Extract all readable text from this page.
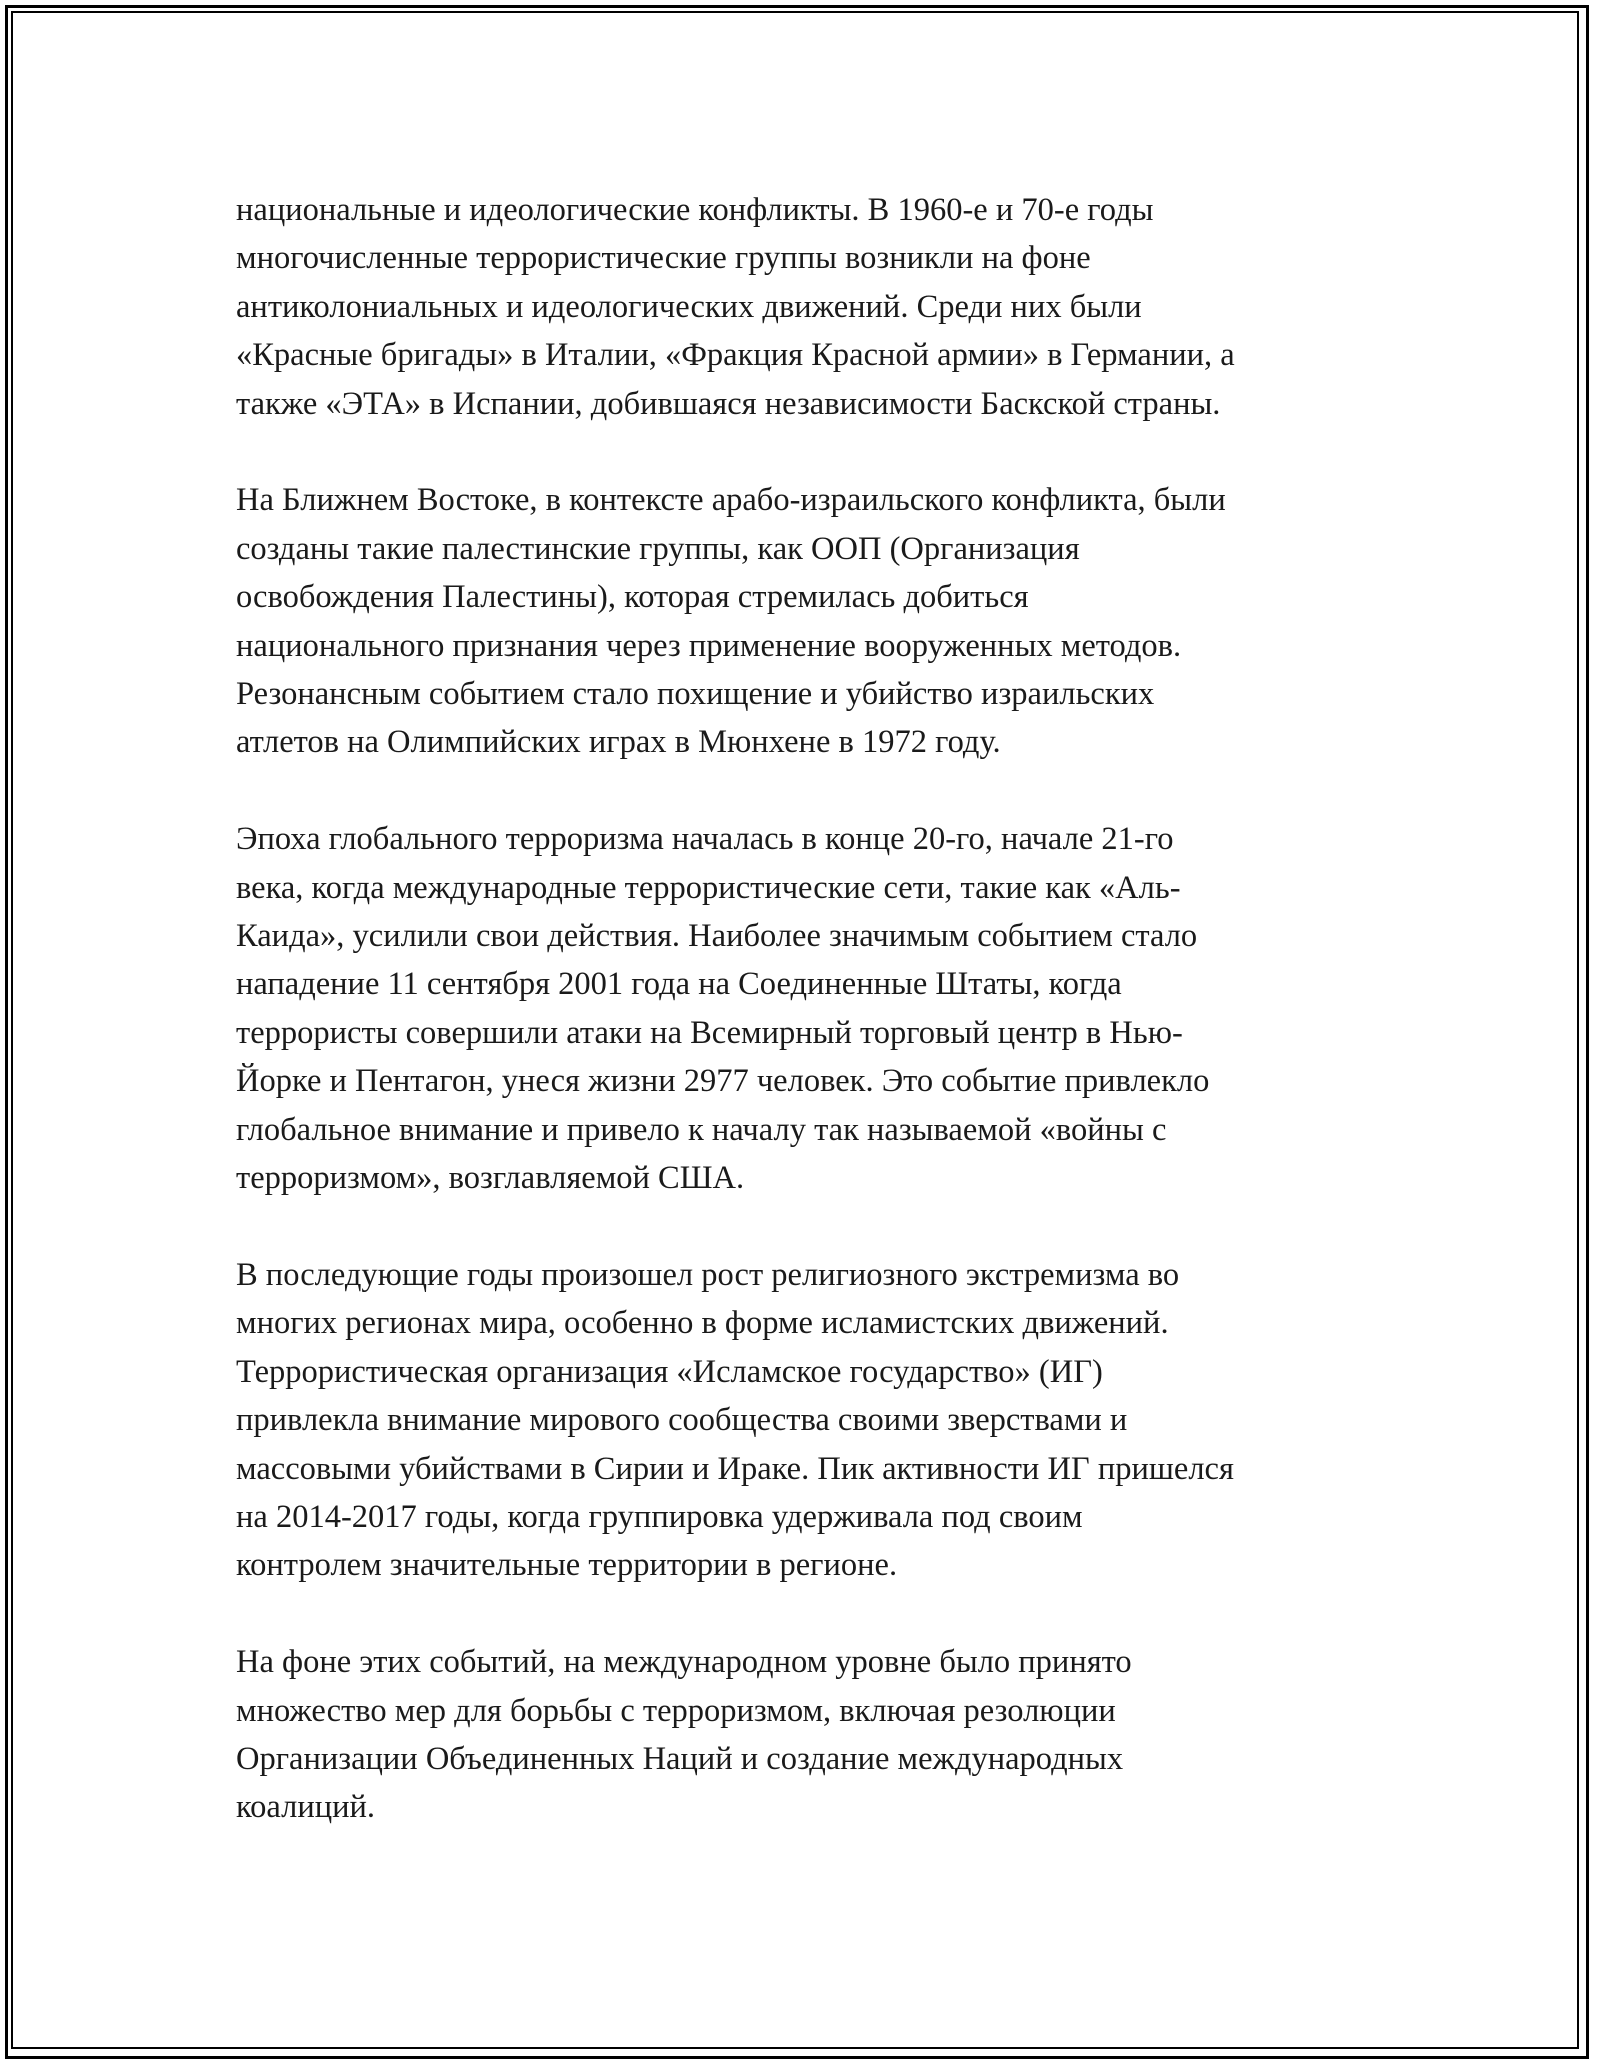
национальные и идеологические конфликты. В 1960-е и 70-е годы
многочисленные террористические группы возникли на фоне
антиколониальных и идеологических движений. Среди них были
«Красные бригады» в Италии, «Фракция Красной армии» в Германии, а
также «ЭТА» в Испании, добившаяся независимости Баскской страны.

На Ближнем Востоке, в контексте арабо-израильского конфликта, были
созданы такие палестинские группы, как ООП (Организация
освобождения Палестины), которая стремилась добиться
национального признания через применение вооруженных методов.
Резонансным событием стало похищение и убийство израильских
атлетов на Олимпийских играх в Мюнхене в 1972 году.

Эпоха глобального терроризма началась в конце 20-го, начале 21-го
века, когда международные террористические сети, такие как «Аль-
Каида», усилили свои действия. Наиболее значимым событием стало
нападение 11 сентября 2001 года на Соединенные Штаты, когда
террористы совершили атаки на Всемирный торговый центр в Нью-
Йорке и Пентагон, унеся жизни 2977 человек. Это событие привлекло
глобальное внимание и привело к началу так называемой «войны с
терроризмом», возглавляемой США.

В последующие годы произошел рост религиозного экстремизма во
многих регионах мира, особенно в форме исламистских движений.
Террористическая организация «Исламское государство» (ИГ)
привлекла внимание мирового сообщества своими зверствами и
массовыми убийствами в Сирии и Ираке. Пик активности ИГ пришелся
на 2014-2017 годы, когда группировка удерживала под своим
контролем значительные территории в регионе.

На фоне этих событий, на международном уровне было принято
множество мер для борьбы с терроризмом, включая резолюции
Организации Объединенных Наций и создание международных
коалиций.
